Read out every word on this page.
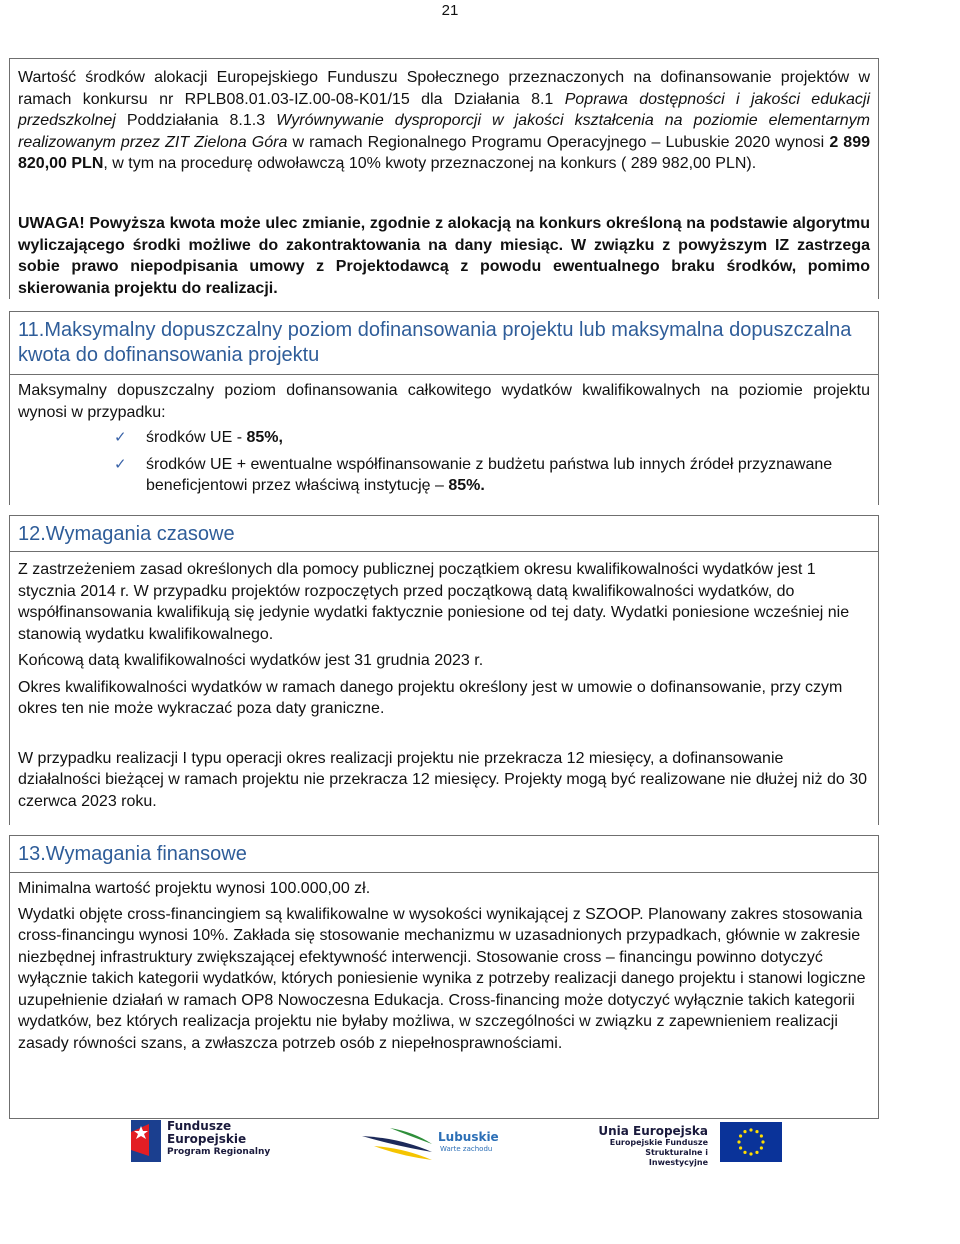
21

Wartość środków alokacji Europejskiego Funduszu Społecznego przeznaczonych na dofinansowanie projektów w ramach konkursu nr RPLB08.01.03-IZ.00-08-K01/15 dla Działania 8.1 Poprawa dostępności i jakości edukacji przedszkolnej Poddziałania 8.1.3 Wyrównywanie dysproporcji w jakości kształcenia na poziomie elementarnym realizowanym przez ZIT Zielona Góra w ramach Regionalnego Programu Operacyjnego – Lubuskie 2020 wynosi 2 899 820,00 PLN, w tym na procedurę odwoławczą 10% kwoty przeznaczonej na konkurs ( 289 982,00 PLN).

UWAGA! Powyższa kwota może ulec zmianie, zgodnie z alokacją na konkurs określoną na podstawie algorytmu wyliczającego środki możliwe do zakontraktowania na dany miesiąc. W związku z powyższym IZ zastrzega sobie prawo niepodpisania umowy z Projektodawcą z powodu ewentualnego braku środków, pomimo skierowania projektu do realizacji.

11.Maksymalny dopuszczalny poziom dofinansowania projektu lub maksymalna dopuszczalna kwota do dofinansowania projektu

Maksymalny dopuszczalny poziom dofinansowania całkowitego wydatków kwalifikowalnych na poziomie projektu wynosi w przypadku:

✓ środków UE - 85%,
✓ środków UE + ewentualne współfinansowanie z budżetu państwa lub innych źródeł przyznawane beneficjentowi przez właściwą instytucję – 85%.
12.Wymagania czasowe

Z zastrzeżeniem zasad określonych dla pomocy publicznej początkiem okresu kwalifikowalności wydatków jest 1 stycznia 2014 r. W przypadku projektów rozpoczętych przed początkową datą kwalifikowalności wydatków, do współfinansowania kwalifikują się jedynie wydatki faktycznie poniesione od tej daty. Wydatki poniesione wcześniej nie stanowią wydatku kwalifikowalnego.

Końcową datą kwalifikowalności wydatków jest 31 grudnia 2023 r.

Okres kwalifikowalności wydatków w ramach danego projektu określony jest w umowie o dofinansowanie, przy czym okres ten nie może wykraczać poza daty graniczne.

W przypadku realizacji I typu operacji okres realizacji projektu nie przekracza 12 miesięcy, a dofinansowanie działalności bieżącej w ramach projektu nie przekracza 12 miesięcy. Projekty mogą być realizowane nie dłużej niż do 30 czerwca 2023 roku.

13.Wymagania finansowe

Minimalna wartość projektu wynosi 100.000,00 zł.

Wydatki objęte cross-financingiem są kwalifikowalne w wysokości wynikającej z SZOOP. Planowany zakres stosowania cross-financingu wynosi 10%. Zakłada się stosowanie mechanizmu w uzasadnionych przypadkach, głównie w zakresie niezbędnej infrastruktury zwiększającej efektywność interwencji. Stosowanie cross – financingu powinno dotyczyć wyłącznie takich kategorii wydatków, których poniesienie wynika z potrzeby realizacji danego projektu i stanowi logiczne uzupełnienie działań w ramach OP8 Nowoczesna Edukacja. Cross-financing może dotyczyć wyłącznie takich kategorii wydatków, bez których realizacja projektu nie byłaby możliwa, w szczególności w związku z zapewnieniem realizacji zasady równości szans, a zwłaszcza potrzeb osób z niepełnosprawnościami.

Fundusze
Europejskie
Program Regionalny
Lubuskie
Warte zachodu
Unia Europejska
Europejskie Fundusze
Strukturalne i Inwestycyjne
